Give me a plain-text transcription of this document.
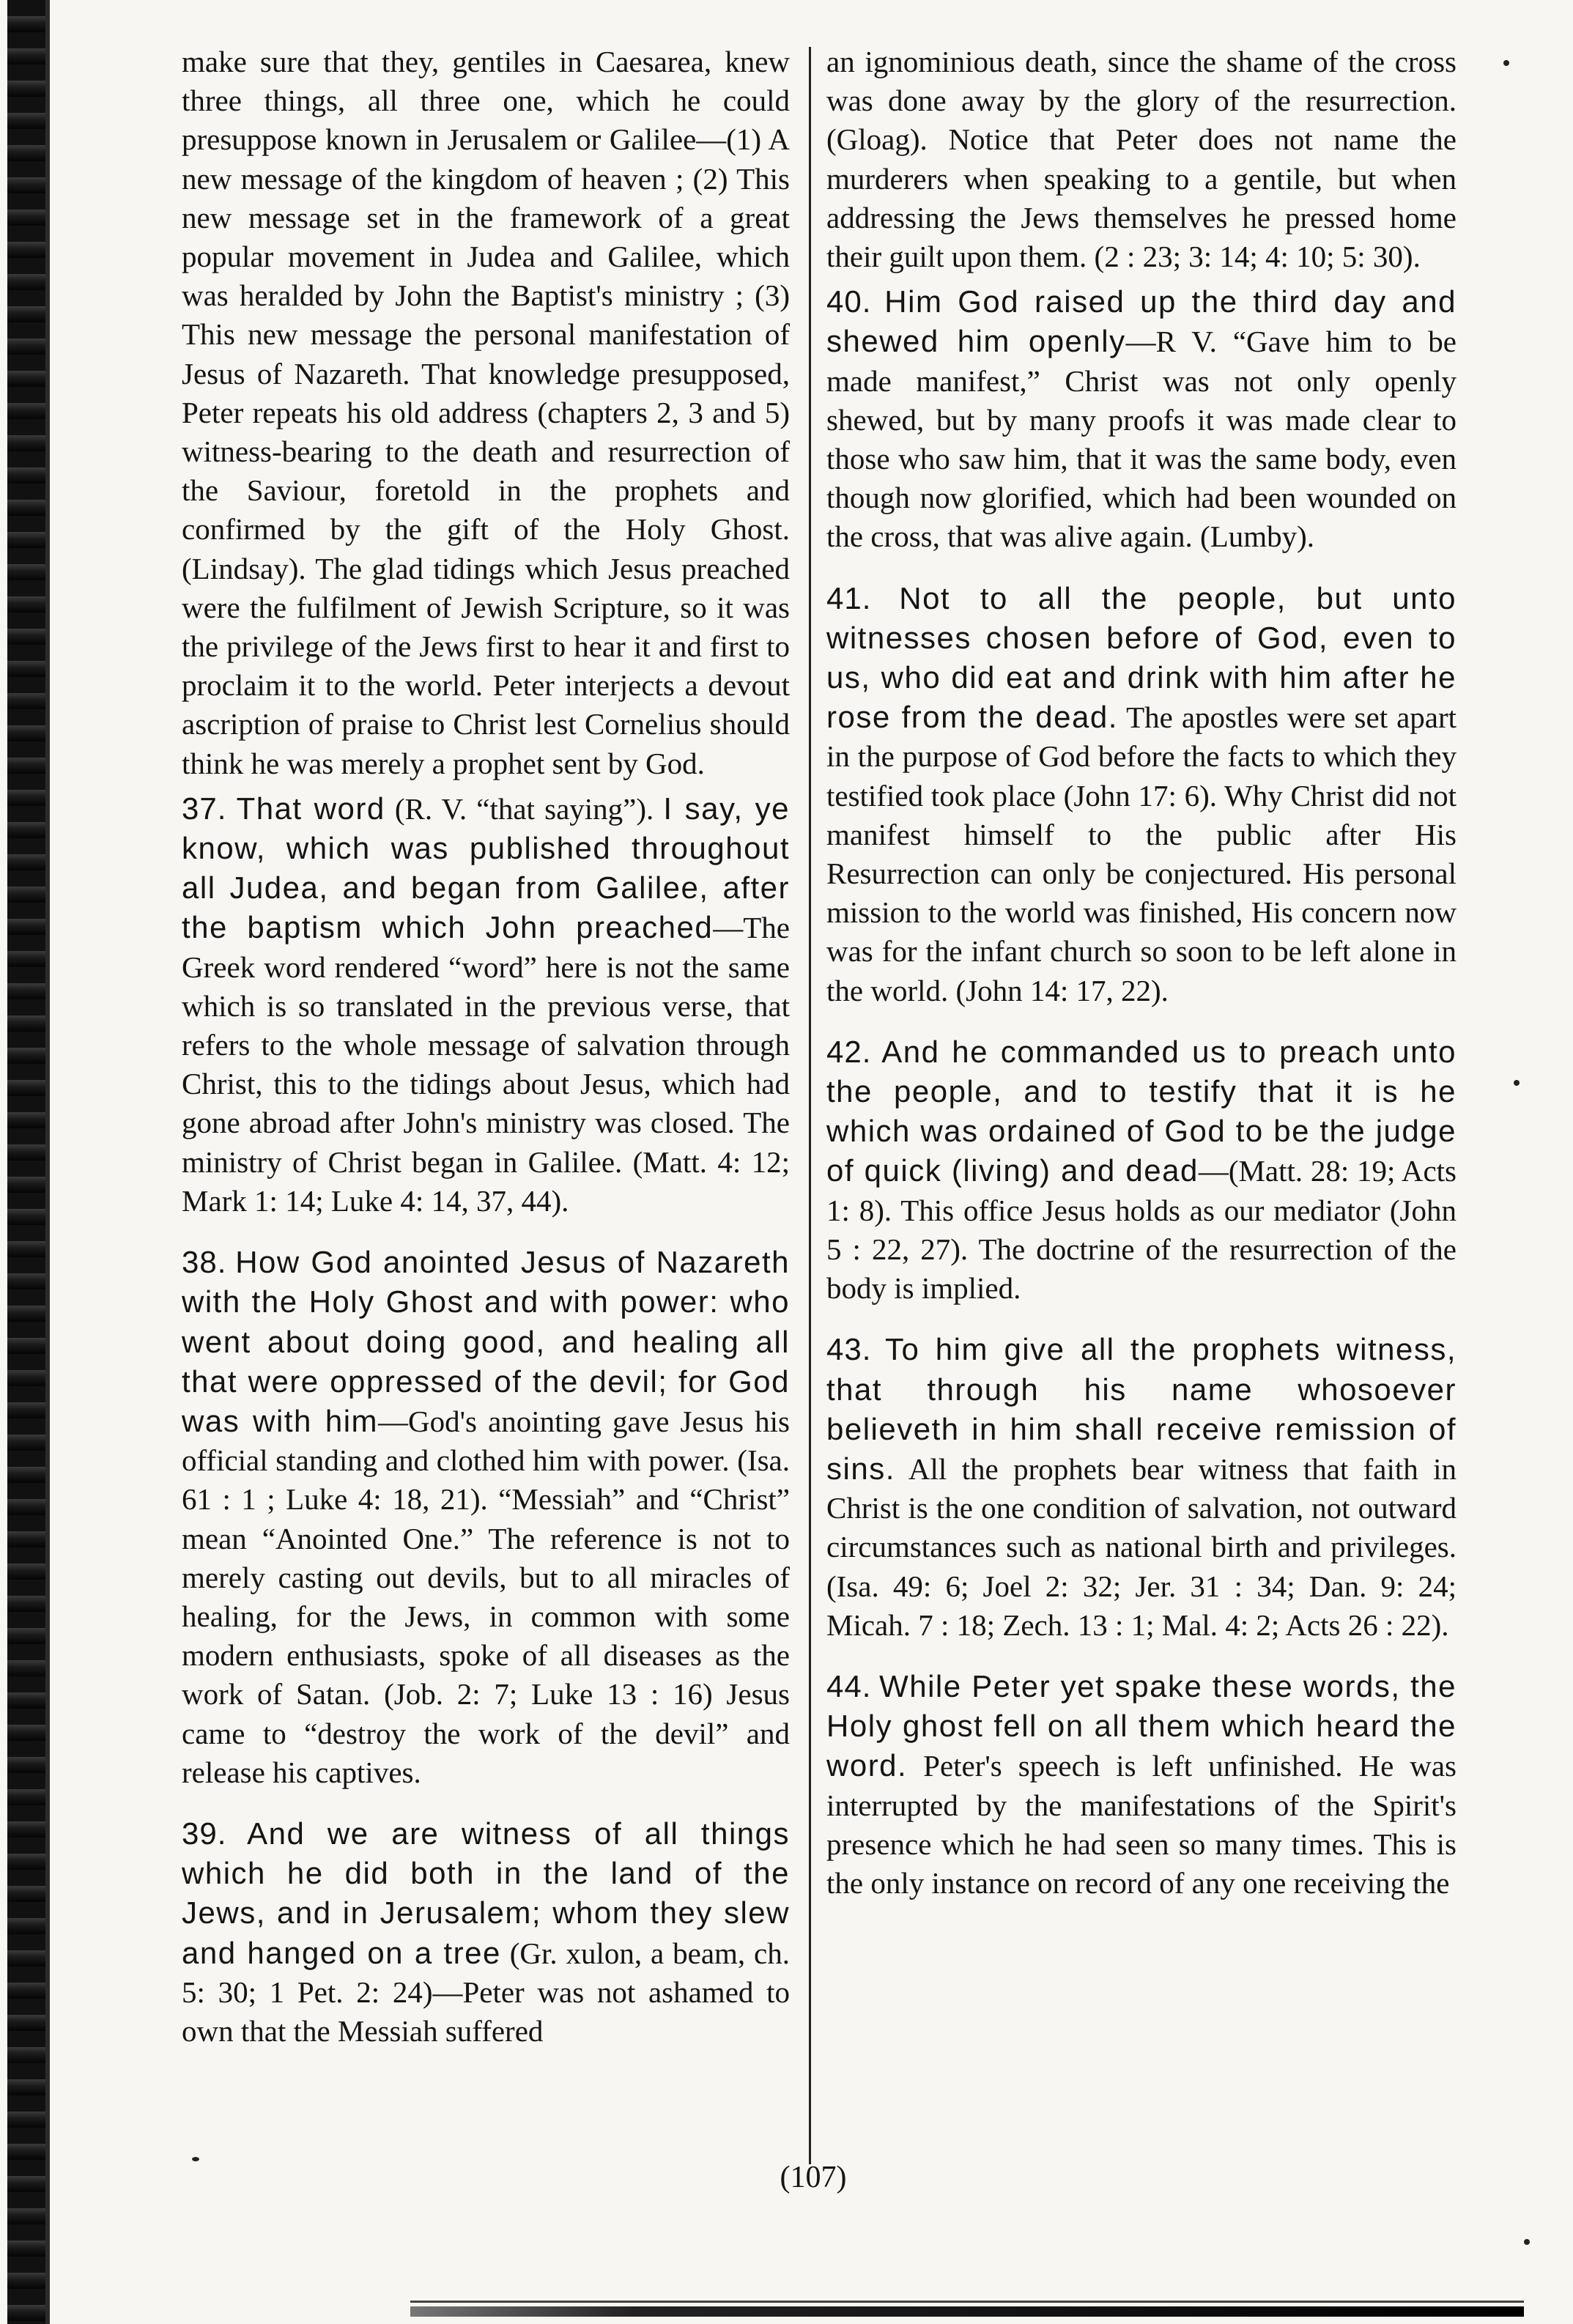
make sure that they, gentiles in Caesarea, knew three things, all three one, which he could presuppose known in Jerusalem or Galilee—(1) A new message of the kingdom of heaven ; (2) This new message set in the framework of a great popular movement in Judea and Galilee, which was heralded by John the Baptist's ministry ; (3) This new message the personal manifestation of Jesus of Nazareth. That knowledge presupposed, Peter repeats his old address (chapters 2, 3 and 5) witness-bearing to the death and resurrection of the Saviour, foretold in the prophets and confirmed by the gift of the Holy Ghost. (Lindsay). The glad tidings which Jesus preached were the fulfilment of Jewish Scripture, so it was the privilege of the Jews first to hear it and first to proclaim it to the world. Peter interjects a devout ascription of praise to Christ lest Cornelius should think he was merely a prophet sent by God.

37. That word (R. V. “that saying”). I say, ye know, which was published throughout all Judea, and began from Galilee, after the baptism which John preached—The Greek word rendered “word” here is not the same which is so translated in the previous verse, that refers to the whole message of salvation through Christ, this to the tidings about Jesus, which had gone abroad after John's ministry was closed. The ministry of Christ began in Galilee. (Matt. 4: 12; Mark 1: 14; Luke 4: 14, 37, 44).

38. How God anointed Jesus of Nazareth with the Holy Ghost and with power: who went about doing good, and healing all that were oppressed of the devil; for God was with him—God's anointing gave Jesus his official standing and clothed him with power. (Isa. 61 : 1 ; Luke 4: 18, 21). “Messiah” and “Christ” mean “Anointed One.” The reference is not to merely casting out devils, but to all miracles of healing, for the Jews, in common with some modern enthusiasts, spoke of all diseases as the work of Satan. (Job. 2: 7; Luke 13 : 16) Jesus came to “destroy the work of the devil” and release his captives.

39. And we are witness of all things which he did both in the land of the Jews, and in Jerusalem; whom they slew and hanged on a tree (Gr. xulon, a beam, ch. 5: 30; 1 Pet. 2: 24)—Peter was not ashamed to own that the Messiah suffered

an ignominious death, since the shame of the cross was done away by the glory of the resurrection. (Gloag). Notice that Peter does not name the murderers when speaking to a gentile, but when addressing the Jews themselves he pressed home their guilt upon them. (2 : 23; 3: 14; 4: 10; 5: 30).

40. Him God raised up the third day and shewed him openly—R V. “Gave him to be made manifest,” Christ was not only openly shewed, but by many proofs it was made clear to those who saw him, that it was the same body, even though now glorified, which had been wounded on the cross, that was alive again. (Lumby).

41. Not to all the people, but unto witnesses chosen before of God, even to us, who did eat and drink with him after he rose from the dead. The apostles were set apart in the purpose of God before the facts to which they testified took place (John 17: 6). Why Christ did not manifest himself to the public after His Resurrection can only be conjectured. His personal mission to the world was finished, His concern now was for the infant church so soon to be left alone in the world. (John 14: 17, 22).

42. And he commanded us to preach unto the people, and to testify that it is he which was ordained of God to be the judge of quick (living) and dead—(Matt. 28: 19; Acts 1: 8). This office Jesus holds as our mediator (John 5 : 22, 27). The doctrine of the resurrection of the body is implied.

43. To him give all the prophets witness, that through his name whosoever believeth in him shall receive remission of sins. All the prophets bear witness that faith in Christ is the one condition of salvation, not outward circumstances such as national birth and privileges. (Isa. 49: 6; Joel 2: 32; Jer. 31 : 34; Dan. 9: 24; Micah. 7 : 18; Zech. 13 : 1; Mal. 4: 2; Acts 26 : 22).

44. While Peter yet spake these words, the Holy ghost fell on all them which heard the word. Peter's speech is left unfinished. He was interrupted by the manifestations of the Spirit's presence which he had seen so many times. This is the only instance on record of any one receiving the

(107)
